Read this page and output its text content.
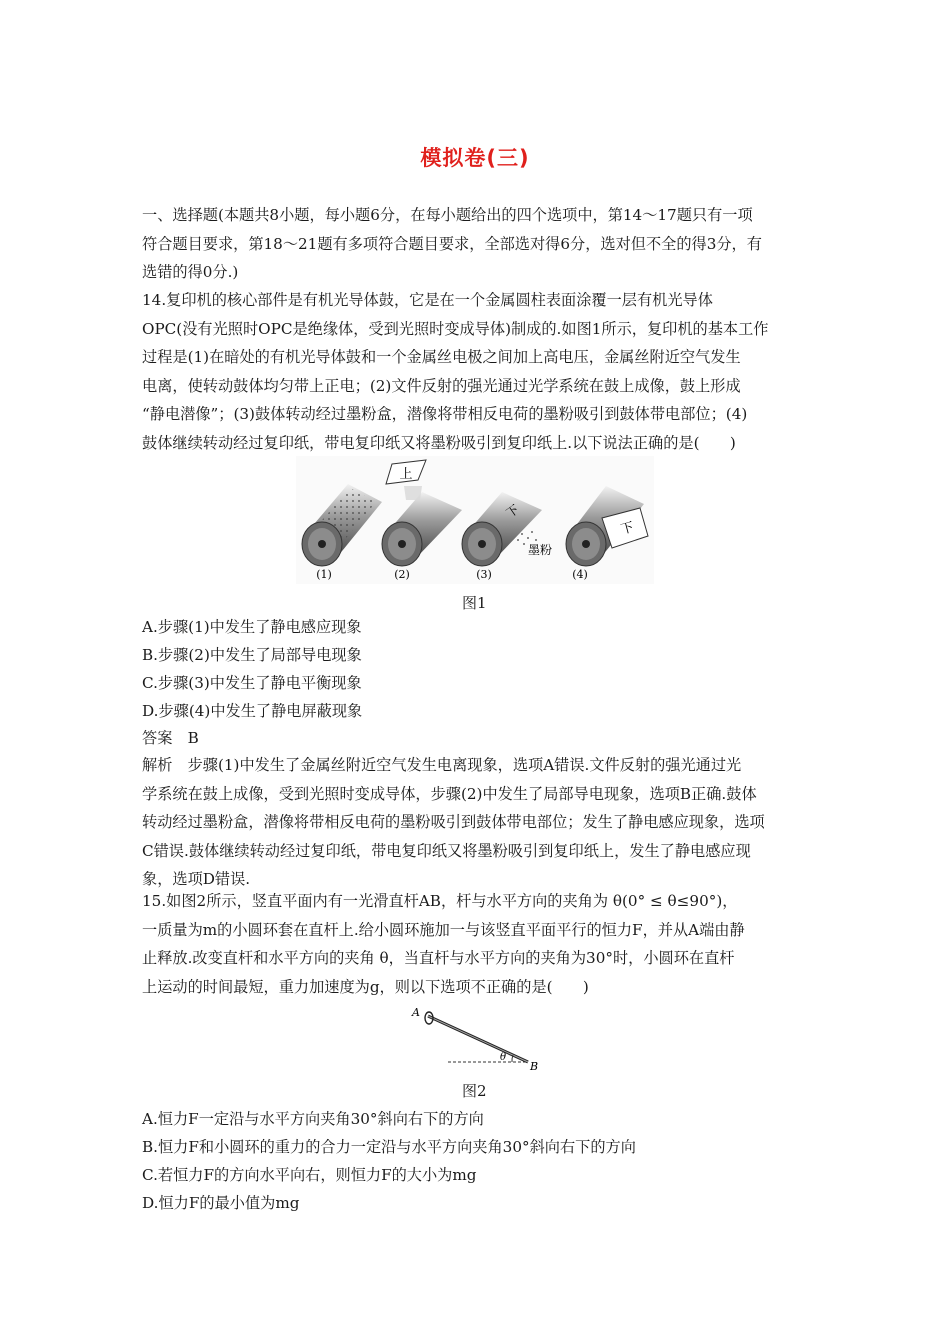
模拟卷(三)
一、选择题(本题共8小题，每小题6分，在每小题给出的四个选项中，第14～17题只有一项
符合题目要求，第18～21题有多项符合题目要求，全部选对得6分，选对但不全的得3分，有
选错的得0分.)
14.复印机的核心部件是有机光导体鼓，它是在一个金属圆柱表面涂覆一层有机光导体
OPC(没有光照时OPC是绝缘体，受到光照时变成导体)制成的.如图1所示，复印机的基本工作
过程是(1)在暗处的有机光导体鼓和一个金属丝电极之间加上高电压，金属丝附近空气发生
电离，使转动鼓体均匀带上正电；(2)文件反射的强光通过光学系统在鼓上成像，鼓上形成
“静电潜像”；(3)鼓体转动经过墨粉盒，潜像将带相反电荷的墨粉吸引到鼓体带电部位；(4)
鼓体继续转动经过复印纸，带电复印纸又将墨粉吸引到复印纸上.以下说法正确的是(　　)
上
下
墨粉
下
(1)	(2)	(3)	(4)
图1
A.步骤(1)中发生了静电感应现象
B.步骤(2)中发生了局部导电现象
C.步骤(3)中发生了静电平衡现象
D.步骤(4)中发生了静电屏蔽现象
答案　B
解析　步骤(1)中发生了金属丝附近空气发生电离现象，选项A错误.文件反射的强光通过光
学系统在鼓上成像，受到光照时变成导体，步骤(2)中发生了局部导电现象，选项B正确.鼓体
转动经过墨粉盒，潜像将带相反电荷的墨粉吸引到鼓体带电部位；发生了静电感应现象，选项
C错误.鼓体继续转动经过复印纸，带电复印纸又将墨粉吸引到复印纸上，发生了静电感应现
象，选项D错误.
15.如图2所示，竖直平面内有一光滑直杆AB，杆与水平方向的夹角为 θ(0° ≤ θ≤90°)，
一质量为m的小圆环套在直杆上.给小圆环施加一与该竖直平面平行的恒力F，并从A端由静
止释放.改变直杆和水平方向的夹角 θ，当直杆与水平方向的夹角为30°时，小圆环在直杆
上运动的时间最短，重力加速度为g，则以下选项不正确的是(　　)
θ
A
B
图2
A.恒力F一定沿与水平方向夹角30°斜向右下的方向
B.恒力F和小圆环的重力的合力一定沿与水平方向夹角30°斜向右下的方向
C.若恒力F的方向水平向右，则恒力F的大小为mg
D.恒力F的最小值为mg
